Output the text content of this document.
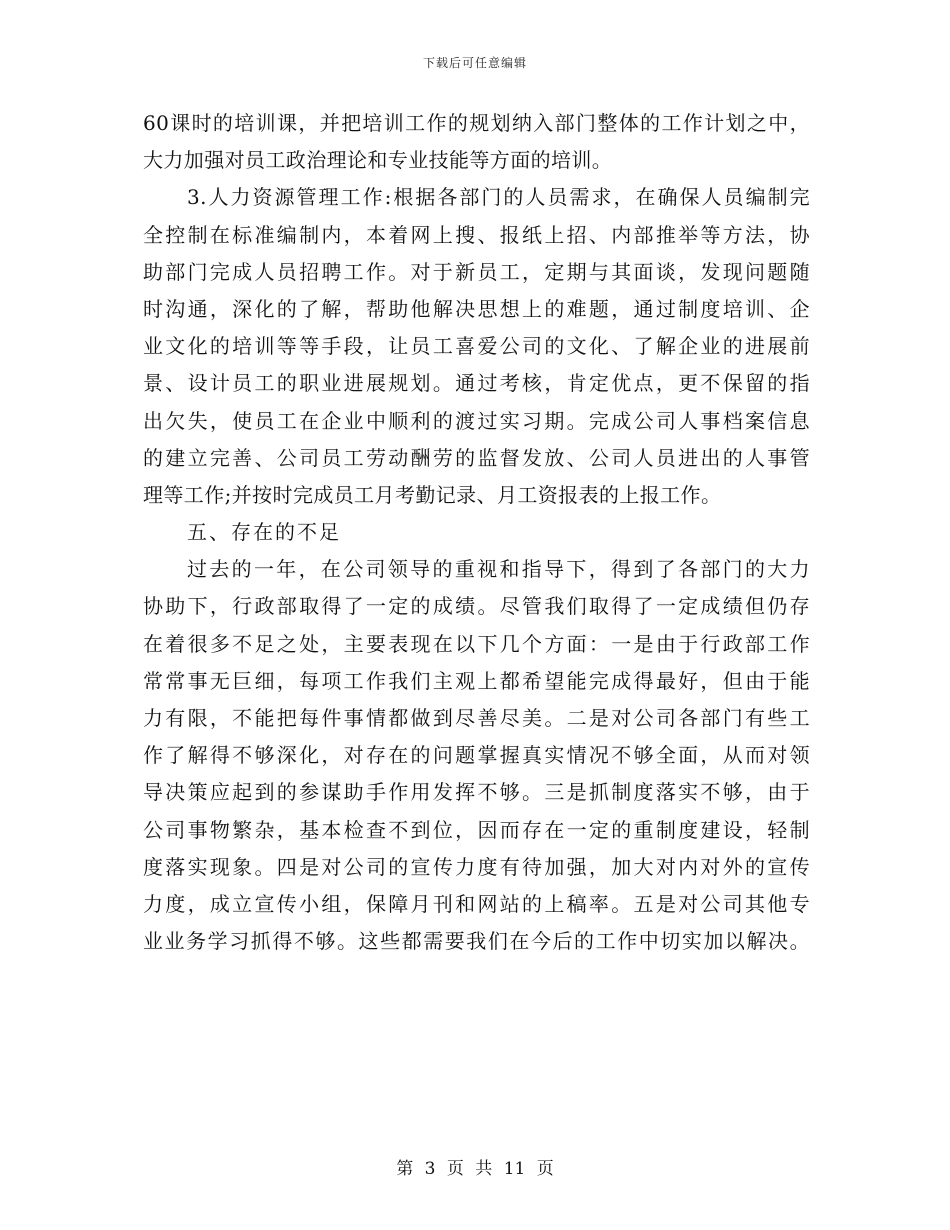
下载后可任意编辑
60课时的培训课，并把培训工作的规划纳入部门整体的工作计划之中，
大力加强对员工政治理论和专业技能等方面的培训。
3.人力资源管理工作:根据各部门的人员需求，在确保人员编制完
全控制在标准编制内，本着网上搜、报纸上招、内部推举等方法，协
助部门完成人员招聘工作。对于新员工，定期与其面谈，发现问题随
时沟通，深化的了解，帮助他解决思想上的难题，通过制度培训、企
业文化的培训等等手段，让员工喜爱公司的文化、了解企业的进展前
景、设计员工的职业进展规划。通过考核，肯定优点，更不保留的指
出欠失，使员工在企业中顺利的渡过实习期。完成公司人事档案信息
的建立完善、公司员工劳动酬劳的监督发放、公司人员进出的人事管
理等工作;并按时完成员工月考勤记录、月工资报表的上报工作。
五、存在的不足
过去的一年，在公司领导的重视和指导下，得到了各部门的大力
协助下，行政部取得了一定的成绩。尽管我们取得了一定成绩但仍存
在着很多不足之处，主要表现在以下几个方面：一是由于行政部工作
常常事无巨细，每项工作我们主观上都希望能完成得最好，但由于能
力有限，不能把每件事情都做到尽善尽美。二是对公司各部门有些工
作了解得不够深化，对存在的问题掌握真实情况不够全面，从而对领
导决策应起到的参谋助手作用发挥不够。三是抓制度落实不够，由于
公司事物繁杂，基本检查不到位，因而存在一定的重制度建设，轻制
度落实现象。四是对公司的宣传力度有待加强，加大对内对外的宣传
力度，成立宣传小组，保障月刊和网站的上稿率。五是对公司其他专
业业务学习抓得不够。这些都需要我们在今后的工作中切实加以解决。
第 3 页 共 11 页
